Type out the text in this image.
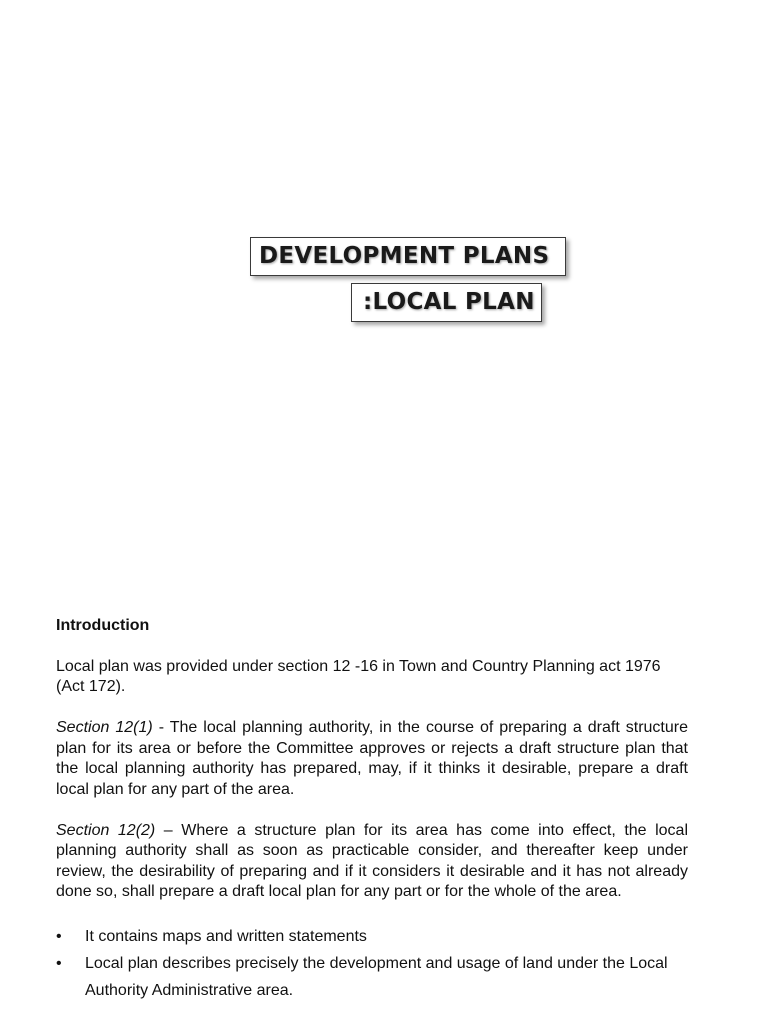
DEVELOPMENT PLANS
:LOCAL PLAN

Introduction

Local plan was provided under section 12 -16 in Town and Country Planning act 1976 (Act 172).

Section 12(1) - The local planning authority, in the course of preparing a draft structure plan for its area or before the Committee approves or rejects a draft structure plan that the local planning authority has prepared, may, if it thinks it desirable, prepare a draft local plan for any part of the area.

Section 12(2) – Where a structure plan for its area has come into effect, the local planning authority shall as soon as practicable consider, and thereafter keep under review, the desirability of preparing and if it considers it desirable and it has not already done so, shall prepare a draft local plan for any part or for the whole of the area.

• It contains maps and written statements
• Local plan describes precisely the development and usage of land under the Local Authority Administrative area.
